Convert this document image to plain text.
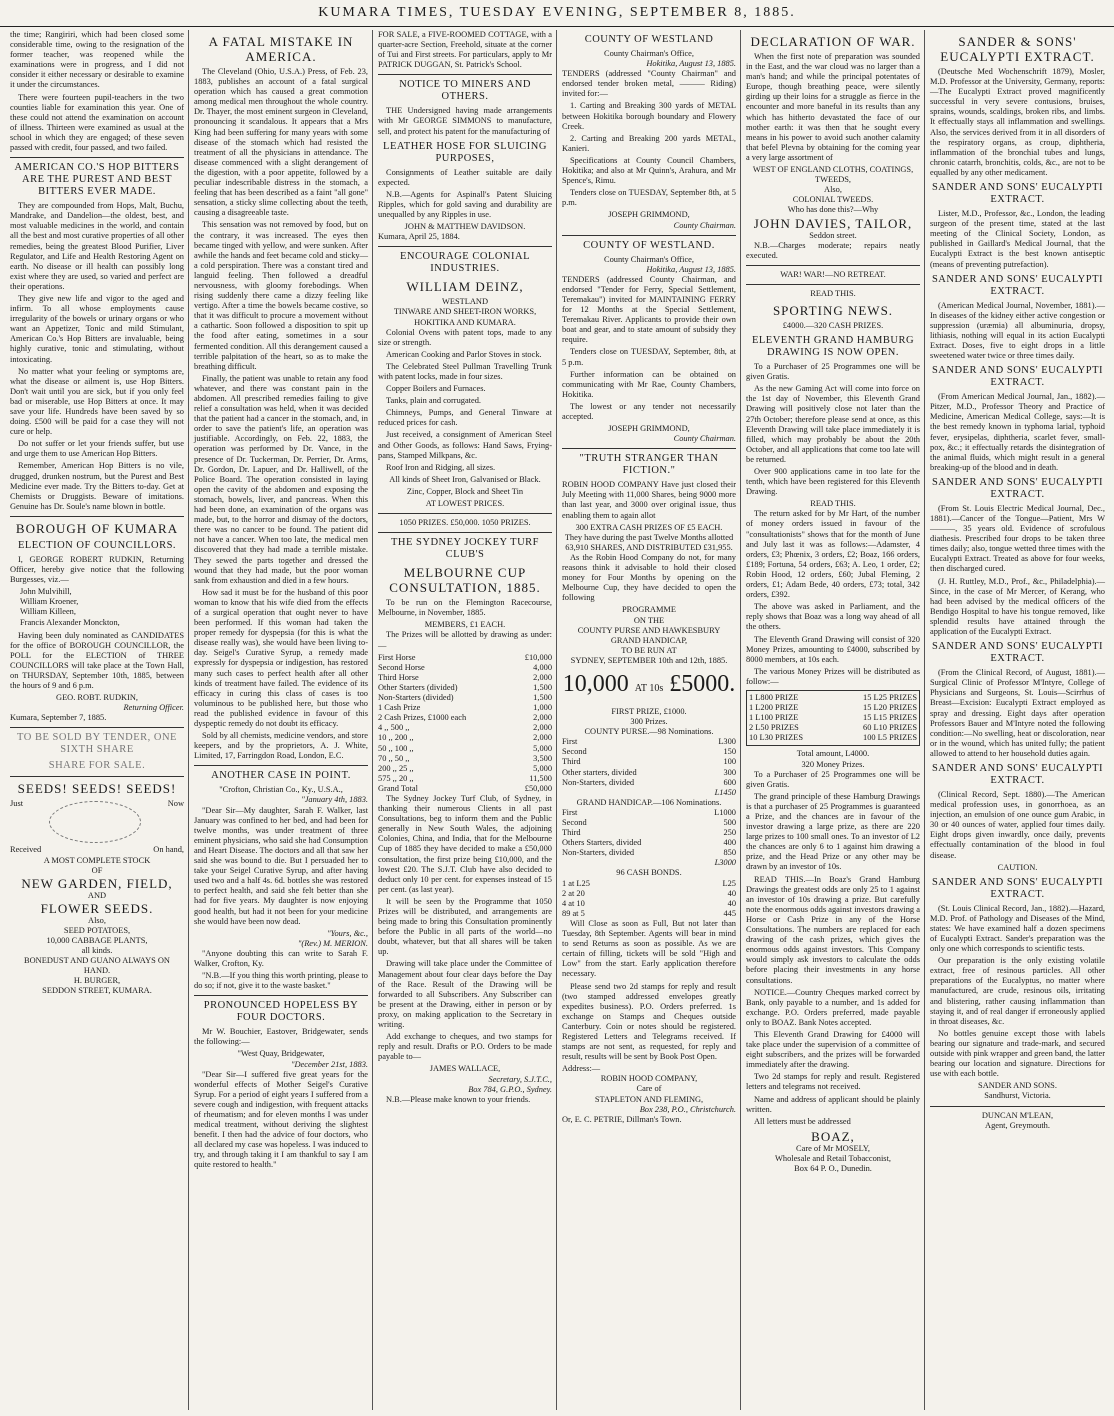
KUMARA TIMES, TUESDAY EVENING, SEPTEMBER 8, 1885.

the time; Rangiriri, which had been closed some considerable time, owing to the resignation of the former teacher, was reopened while the examinations were in progress, and I did not consider it either necessary or desirable to examine it under the circumstances.

There were fourteen pupil-teachers in the two counties liable for examination this year. One of these could not attend the examination on account of illness. Thirteen were examined as usual at the school in which they are engaged; of these seven passed with credit, four passed, and two failed.

AMERICAN CO.'S HOP BITTERS ARE THE PUREST AND BEST BITTERS EVER MADE.

They are compounded from Hops, Malt, Buchu, Mandrake, and Dandelion—the oldest, best, and most valuable medicines in the world, and contain all the best and most curative properties of all other remedies, being the greatest Blood Purifier, Liver Regulator, and Life and Health Restoring Agent on earth. No disease or ill health can possibly long exist where they are used, so varied and perfect are their operations.

They give new life and vigor to the aged and infirm. To all whose employments cause irregularity of the bowels or urinary organs or who want an Appetizer, Tonic and mild Stimulant, American Co.'s Hop Bitters are invaluable, being highly curative, tonic and stimulating, without intoxicating.

No matter what your feeling or symptoms are, what the disease or ailment is, use Hop Bitters. Don't wait until you are sick, but if you only feel bad or miserable, use Hop Bitters at once. It may save your life. Hundreds have been saved by so doing. £500 will be paid for a case they will not cure or help.

Do not suffer or let your friends suffer, but use and urge them to use American Hop Bitters.

Remember, American Hop Bitters is no vile, drugged, drunken nostrum, but the Purest and Best Medicine ever made. Try the Bitters to-day. Get at Chemists or Druggists. Beware of imitations. Genuine has Dr. Soule's name blown in bottle.

BOROUGH OF KUMARA
ELECTION OF COUNCILLORS.

I, GEORGE ROBERT RUDKIN, Returning Officer, hereby give notice that the following Burgesses, viz.—

John Mulvihill,
William Kroener,
William Killeen,
Francis Alexander Monckton,

Having been duly nominated as CANDIDATES for the office of BOROUGH COUNCILLOR, the POLL for the ELECTION of THREE COUNCILLORS will take place at the Town Hall, on THURSDAY, September 10th, 1885, between the hours of 9 and 6 p.m.

GEO. ROBT. RUDKIN,
Returning Officer.
Kumara, September 7, 1885.
TO BE SOLD BY TENDER, ONE SIXTH SHARE
SHARE FOR SALE.
SEEDS! SEEDS! SEEDS!
Just	Now
Received	On hand,
A MOST COMPLETE STOCK
OF
NEW GARDEN, FIELD,
AND
FLOWER SEEDS.
Also,
SEED POTATOES,
10,000 CABBAGE PLANTS,
all kinds.
BONEDUST AND GUANO ALWAYS ON HAND.
H. BURGER,
SEDDON STREET, KUMARA.
A FATAL MISTAKE IN AMERICA.

The Cleveland (Ohio, U.S.A.) Press, of Feb. 23, 1883, publishes an account of a fatal surgical operation which has caused a great commotion among medical men throughout the whole country. Dr. Thayer, the most eminent surgeon in Cleveland, pronouncing it scandalous. It appears that a Mrs King had been suffering for many years with some disease of the stomach which had resisted the treatment of all the physicians in attendance. The disease commenced with a slight derangement of the digestion, with a poor appetite, followed by a peculiar indescribable distress in the stomach, a feeling that has been described as a faint "all gone" sensation, a sticky slime collecting about the teeth, causing a disagreeable taste.

This sensation was not removed by food, but on the contrary, it was increased. The eyes then became tinged with yellow, and were sunken. After awhile the hands and feet became cold and sticky—a cold perspiration. There was a constant tired and languid feeling. Then followed a dreadful nervousness, with gloomy forebodings. When rising suddenly there came a dizzy feeling like vertigo. After a time the bowels became costive, so that it was difficult to procure a movement without a cathartic. Soon followed a disposition to spit up the food after eating, sometimes in a sour fermented condition. All this derangement caused a terrible palpitation of the heart, so as to make the breathing difficult.

Finally, the patient was unable to retain any food whatever, and there was constant pain in the abdomen. All prescribed remedies failing to give relief a consultation was held, when it was decided that the patient had a cancer in the stomach, and, in order to save the patient's life, an operation was justifiable. Accordingly, on Feb. 22, 1883, the operation was performed by Dr. Vance, in the presence of Dr. Tuckerman, Dr. Perrier, Dr. Arms, Dr. Gordon, Dr. Lapuer, and Dr. Halliwell, of the Police Board. The operation consisted in laying open the cavity of the abdomen and exposing the stomach, bowels, liver, and pancreas. When this had been done, an examination of the organs was made, but, to the horror and dismay of the doctors, there was no cancer to be found. The patient did not have a cancer. When too late, the medical men discovered that they had made a terrible mistake. They sewed the parts together and dressed the wound that they had made, but the poor woman sank from exhaustion and died in a few hours.

How sad it must be for the husband of this poor woman to know that his wife died from the effects of a surgical operation that ought never to have been performed. If this woman had taken the proper remedy for dyspepsia (for this is what the disease really was), she would have been living to-day. Seigel's Curative Syrup, a remedy made expressly for dyspepsia or indigestion, has restored many such cases to perfect health after all other kinds of treatment have failed. The evidence of its efficacy in curing this class of cases is too voluminous to be published here, but those who read the published evidence in favour of this dyspeptic remedy do not doubt its efficacy.

Sold by all chemists, medicine vendors, and store keepers, and by the proprietors, A. J. White, Limited, 17, Farringdon Road, London, E.C.

ANOTHER CASE IN POINT.
"Crofton, Christian Co., Ky., U.S.A.,
"January 4th, 1883.

"Dear Sir—My daughter, Sarah F. Walker, last January was confined to her bed, and had been for twelve months, was under treatment of three eminent physicians, who said she had Consumption and Heart Disease. The doctors and all that saw her said she was bound to die. But I persuaded her to take your Seigel Curative Syrup, and after having used two and a half 4s. 6d. bottles she was restored to perfect health, and said she felt better than she had for five years. My daughter is now enjoying good health, but had it not been for your medicine she would have been now dead.

"Yours, &c.,
"(Rev.) M. MERION.

"Anyone doubting this can write to Sarah F. Walker, Crofton, Ky.

"N.B.—If you thing this worth printing, please to do so; if not, give it to the waste basket."

PRONOUNCED HOPELESS BY FOUR DOCTORS.

Mr W. Bouchier, Eastover, Bridgewater, sends the following:—

"West Quay, Bridgewater,
"December 21st, 1883.

"Dear Sir—I suffered five great years for the wonderful effects of Mother Seigel's Curative Syrup. For a period of eight years I suffered from a severe cough and indigestion, with frequent attacks of rheumatism; and for eleven months I was under medical treatment, without deriving the slightest benefit. I then had the advice of four doctors, who all declared my case was hopeless. I was induced to try, and through taking it I am thankful to say I am quite restored to health."

FOR SALE, a FIVE-ROOMED COTTAGE, with a quarter-acre Section, Freehold, situate at the corner of Tui and First streets. For particulars, apply to Mr PATRICK DUGGAN, St. Patrick's School.

NOTICE TO MINERS AND OTHERS.

THE Undersigned having made arrangements with Mr GEORGE SIMMONS to manufacture, sell, and protect his patent for the manufacturing of

LEATHER HOSE FOR SLUICING PURPOSES,

Consignments of Leather suitable are daily expected.

N.B.—Agents for Aspinall's Patent Sluicing Ripples, which for gold saving and durability are unequalled by any Ripples in use.

JOHN & MATTHEW DAVIDSON.
Kumara, April 25, 1884.
ENCOURAGE COLONIAL INDUSTRIES.
WILLIAM DEINZ,
WESTLAND
TINWARE AND SHEET-IRON WORKS,
HOKITIKA AND KUMARA.

Colonial Ovens with patent tops, made to any size or strength.

American Cooking and Parlor Stoves in stock.

The Celebrated Steel Pullman Travelling Trunk with patent locks, made in four sizes.

Copper Boilers and Furnaces.

Tanks, plain and corrugated.

Chimneys, Pumps, and General Tinware at reduced prices for cash.

Just received, a consignment of American Steel and Other Goods, as follows: Hand Saws, Frying-pans, Stamped Milkpans, &c.

Roof Iron and Ridging, all sizes.

All kinds of Sheet Iron, Galvanised or Black.

Zinc, Copper, Block and Sheet Tin

AT LOWEST PRICES.
1050 PRIZES. £50,000. 1050 PRIZES.
THE SYDNEY JOCKEY TURF CLUB'S
MELBOURNE CUP CONSULTATION, 1885.

To be run on the Flemington Racecourse, Melbourne, in November, 1885.

MEMBERS, £1 EACH.

The Prizes will be allotted by drawing as under:—

First Horse	£10,000
Second Horse	4,000
Third Horse	2,000
Other Starters (divided)	1,500
Non-Starters (divided)	1,500
1 Cash Prize	1,000
2 Cash Prizes, £1000 each	2,000
4 ,, 500 ,,	2,000
10 ,, 200 ,,	2,000
50 ,, 100 ,,	5,000
70 ,, 50 ,,	3,500
200 ,, 25 ,,	5,000
575 ,, 20 ,,	11,500
Grand Total	£50,000

The Sydney Jockey Turf Club, of Sydney, in thanking their numerous Clients in all past Consultations, beg to inform them and the Public generally in New South Wales, the adjoining Colonies, China, and India, that for the Melbourne Cup of 1885 they have decided to make a £50,000 consultation, the first prize being £10,000, and the lowest £20. The S.J.T. Club have also decided to deduct only 10 per cent. for expenses instead of 15 per cent. (as last year).

It will be seen by the Programme that 1050 Prizes will be distributed, and arrangements are being made to bring this Consultation prominently before the Public in all parts of the world—no doubt, whatever, but that all shares will be taken up.

Drawing will take place under the Committee of Management about four clear days before the Day of the Race. Result of the Drawing will be forwarded to all Subscribers. Any Subscriber can be present at the Drawing, either in person or by proxy, on making application to the Secretary in writing.

Add exchange to cheques, and two stamps for reply and result. Drafts or P.O. Orders to be made payable to—

JAMES WALLACE,
Secretary, S.J.T.C.,
Box 784, G.P.O., Sydney.

N.B.—Please make known to your friends.

COUNTY OF WESTLAND
County Chairman's Office,
Hokitika, August 13, 1885.

TENDERS (addressed "County Chairman" and endorsed tender broken metal, ——— Riding) invited for:—

1. Carting and Breaking 300 yards of METAL between Hokitika borough boundary and Flowery Creek.

2. Carting and Breaking 200 yards METAL, Kanieri.

Specifications at County Council Chambers, Hokitika; and also at Mr Quinn's, Arahura, and Mr Spence's, Rimu.

Tenders close on TUESDAY, September 8th, at 5 p.m.

JOSEPH GRIMMOND,
County Chairman.
COUNTY OF WESTLAND.
County Chairman's Office,
Hokitika, August 13, 1885.

TENDERS (addressed County Chairman, and endorsed "Tender for Ferry, Special Settlement, Teremakau") invited for MAINTAINING FERRY for 12 Months at the Special Settlement, Teremakau River. Applicants to provide their own boat and gear, and to state amount of subsidy they require.

Tenders close on TUESDAY, September, 8th, at 5 p.m.

Further information can be obtained on communicating with Mr Rae, County Chambers, Hokitika.

The lowest or any tender not necessarily accepted.

JOSEPH GRIMMOND,
County Chairman.
"TRUTH STRANGER THAN FICTION."

ROBIN HOOD COMPANY Have just closed their July Meeting with 11,000 Shares, being 9000 more than last year, and 3000 over original issue, thus enabling them to again allot

300 EXTRA CASH PRIZES OF £5 EACH.
They have during the past Twelve Months allotted
63,910 SHARES, AND DISTRIBUTED £31,955.

As the Robin Hood Company do not, for many reasons think it advisable to hold their closed money for Four Months by opening on the Melbourne Cup, they have decided to open the following

PROGRAMME
ON THE
COUNTY PURSE AND HAWKESBURY GRAND HANDICAP,
TO BE RUN AT
SYDNEY, SEPTEMBER 10th and 12th, 1885.
10,000 AT 10s £5000.
FIRST PRIZE, £1000.
300 Prizes.
COUNTY PURSE.—98 Nominations.
First	L300
Second	150
Third	100
Other starters, divided	300
Non-Starters, divided	600
L1450
GRAND HANDICAP.—106 Nominations.
First	L1000
Second	500
Third	250
Others Starters, divided	400
Non-Starters, divided	850
L3000
96 CASH BONDS.
1 at L25	L25
2 at 20	40
4 at 10	40
89 at 5	445

Will Close as soon as Full, But not later than Tuesday, 8th September. Agents will bear in mind to send Returns as soon as possible. As we are certain of filling, tickets will be sold "High and Low" from the start. Early application therefore necessary.

Please send two 2d stamps for reply and result (two stamped addressed envelopes greatly expedites business). P.O. Orders preferred. 1s exchange on Stamps and Cheques outside Canterbury. Coin or notes should be registered. Registered Letters and Telegrams received. If stamps are not sent, as requested, for reply and result, results will be sent by Book Post Open.

Address:—
ROBIN HOOD COMPANY,
Care of
STAPLETON AND FLEMING,
Box 238, P.O., Christchurch.
Or, E. C. PETRIE, Dillman's Town.
DECLARATION OF WAR.

When the first note of preparation was sounded in the East, and the war cloud was no larger than a man's hand; and while the principal potentates of Europe, though breathing peace, were silently girding up their loins for a struggle as fierce in the encounter and more baneful in its results than any which has hitherto devastated the face of our mother earth: it was then that he sought every means in his power to avoid such another calamity that befel Plevna by obtaining for the coming year a very large assortment of

WEST OF ENGLAND CLOTHS, COATINGS, TWEEDS,
Also,
COLONIAL TWEEDS.
Who has done this?—Why
JOHN DAVIES, TAILOR,
Seddon street.

N.B.—Charges moderate; repairs neatly executed.

WAR! WAR!—NO RETREAT.
READ THIS.
SPORTING NEWS.
£4000.—320 CASH PRIZES.
ELEVENTH GRAND HAMBURG DRAWING IS NOW OPEN.

To a Purchaser of 25 Programmes one will be given Gratis.

As the new Gaming Act will come into force on the 1st day of November, this Eleventh Grand Drawing will positively close not later than the 27th October; therefore please send at once, as this Eleventh Drawing will take place immediately it is filled, which may probably be about the 20th October, and all applications that come too late will be returned.

Over 900 applications came in too late for the tenth, which have been registered for this Eleventh Drawing.

READ THIS.

The return asked for by Mr Hart, of the number of money orders issued in favour of the "consultationists" shows that for the month of June and July last it was as follows:—Adamster, 4 orders, £3; Phœnix, 3 orders, £2; Boaz, 166 orders, £189; Fortuna, 54 orders, £63; A. Leo, 1 order, £2; Robin Hood, 12 orders, £60; Jubal Fleming, 2 orders, £1; Adam Bede, 40 orders, £73; total, 342 orders, £392.

The above was asked in Parliament, and the reply shows that Boaz was a long way ahead of all the others.

The Eleventh Grand Drawing will consist of 320 Money Prizes, amounting to £4000, subscribed by 8000 members, at 10s each.

The various Money Prizes will be distributed as follow:—

1 L800 PRIZE
1 L200 PRIZE
1 L100 PRIZE
2 L50 PRIZES
10 L30 PRIZES
15 L25 PRIZES
15 L20 PRIZES
15 L15 PRIZES
60 L10 PRIZES
100 L5 PRIZES
Total amount, L4000.
320 Money Prizes.

To a Purchaser of 25 Programmes one will be given Gratis.

The grand principle of these Hamburg Drawings is that a purchaser of 25 Programmes is guaranteed a Prize, and the chances are in favour of the investor drawing a large prize, as there are 220 large prizes to 100 small ones. To an investor of L2 the chances are only 6 to 1 against him drawing a prize, and the Head Prize or any other may be drawn by an investor of 10s.

READ THIS.—In Boaz's Grand Hamburg Drawings the greatest odds are only 25 to 1 against an investor of 10s drawing a prize. But carefully note the enormous odds against investors drawing a Horse or Cash Prize in any of the Horse Consultations. The numbers are replaced for each drawing of the cash prizes, which gives the enormous odds against investors. This Company would simply ask investors to calculate the odds before placing their investments in any horse consultations.

NOTICE.—Country Cheques marked correct by Bank, only payable to a number, and 1s added for exchange. P.O. Orders preferred, made payable only to BOAZ. Bank Notes accepted.

This Eleventh Grand Drawing for £4000 will take place under the supervision of a committee of eight subscribers, and the prizes will be forwarded immediately after the drawing.

Two 2d stamps for reply and result. Registered letters and telegrams not received.

Name and address of applicant should be plainly written.

All letters must be addressed

BOAZ,
Care of Mr MOSELY,
Wholesale and Retail Tobacconist,
Box 64 P. O., Dunedin.
SANDER & SONS' EUCALYPTI EXTRACT.

(Deutsche Med Wochenschrift 1879), Mosler, M.D. Professor at the University, Germany, reports:—The Eucalypti Extract proved magnificently successful in very severe contusions, bruises, sprains, wounds, scaldings, broken ribs, and limbs. It effectually stays all inflammation and swellings. Also, the services derived from it in all disorders of the respiratory organs, as croup, diphtheria, inflammation of the bronchial tubes and lungs, chronic catarrh, bronchitis, colds, &c., are not to be equalled by any other medicament.

SANDER AND SONS' EUCALYPTI EXTRACT.

Lister, M.D., Professor, &c., London, the leading surgeon of the present time, stated at the last meeting of the Clinical Society, London, as published in Gaillard's Medical Journal, that the Eucalypti Extract is the best known antiseptic (means of preventing putrefaction).

SANDER AND SONS' EUCALYPTI EXTRACT.

(American Medical Journal, November, 1881).—In diseases of the kidney either active congestion or suppression (uræmia) all albuminuria, dropsy, lithiasis, nothing will equal in its action Eucalypti Extract. Doses, five to eight drops in a little sweetened water twice or three times daily.

SANDER AND SONS' EUCALYPTI EXTRACT.

(From American Medical Journal, Jan., 1882).—Pitzer, M.D., Professor Theory and Practice of Medicine, American Medical College, says:—It is the best remedy known in typhoma larial, typhoid fever, erysipelas, diphtheria, scarlet fever, small-pox, &c.; it effectually retards the disintegration of the animal fluids, which might result in a general breaking-up of the blood and in death.

SANDER AND SONS' EUCALYPTI EXTRACT.

(From St. Louis Electric Medical Journal, Dec., 1881).—Cancer of the Tongue—Patient, Mrs W———, 35 years old. Evidence of scrofulous diathesis. Prescribed four drops to be taken three times daily; also, tongue wetted three times with the Eucalypti Extract. Treated as above for four weeks, then discharged cured.

(J. H. Ruttley, M.D., Prof., &c., Philadelphia).—Since, in the case of Mr Mercer, of Kerang, who had been advised by the medical officers of the Bendigo Hospital to have his tongue removed, like splendid results have attained through the application of the Eucalypti Extract.

SANDER AND SONS' EUCALYPTI EXTRACT.

(From the Clinical Record, of August, 1881).—Surgical Clinic of Professor M'Intyre, College of Physicians and Surgeons, St. Louis—Scirrhus of Breast—Excision: Eucalypti Extract employed as spray and dressing. Eight days after operation Professors Bauer and M'Intyre noted the following condition:—No swelling, heat or discoloration, near or in the wound, which has united fully; the patient allowed to attend to her household duties again.

SANDER AND SONS' EUCALYPTI EXTRACT.

(Clinical Record, Sept. 1880).—The American medical profession uses, in gonorrhoea, as an injection, an emulsion of one ounce gum Arabic, in 30 or 40 ounces of water, applied four times daily. Eight drops given inwardly, once daily, prevents effectually contamination of the blood in foul disease.

CAUTION.
SANDER AND SONS' EUCALYPTI EXTRACT.

(St. Louis Clinical Record, Jan., 1882).—Hazard, M.D. Prof. of Pathology and Diseases of the Mind, states: We have examined half a dozen specimens of Eucalypti Extract. Sander's preparation was the only one which corresponds to scientific tests.

Our preparation is the only existing volatile extract, free of resinous particles. All other preparations of the Eucalyptus, no matter where manufactured, are crude, resinous oils, irritating and blistering, rather causing inflammation than staying it, and of real danger if erroneously applied in throat diseases, &c.

No bottles genuine except those with labels bearing our signature and trade-mark, and secured outside with pink wrapper and green band, the latter bearing our location and signature. Directions for use with each bottle.

SANDER AND SONS.
Sandhurst, Victoria.
DUNCAN M'LEAN,
Agent, Greymouth.
